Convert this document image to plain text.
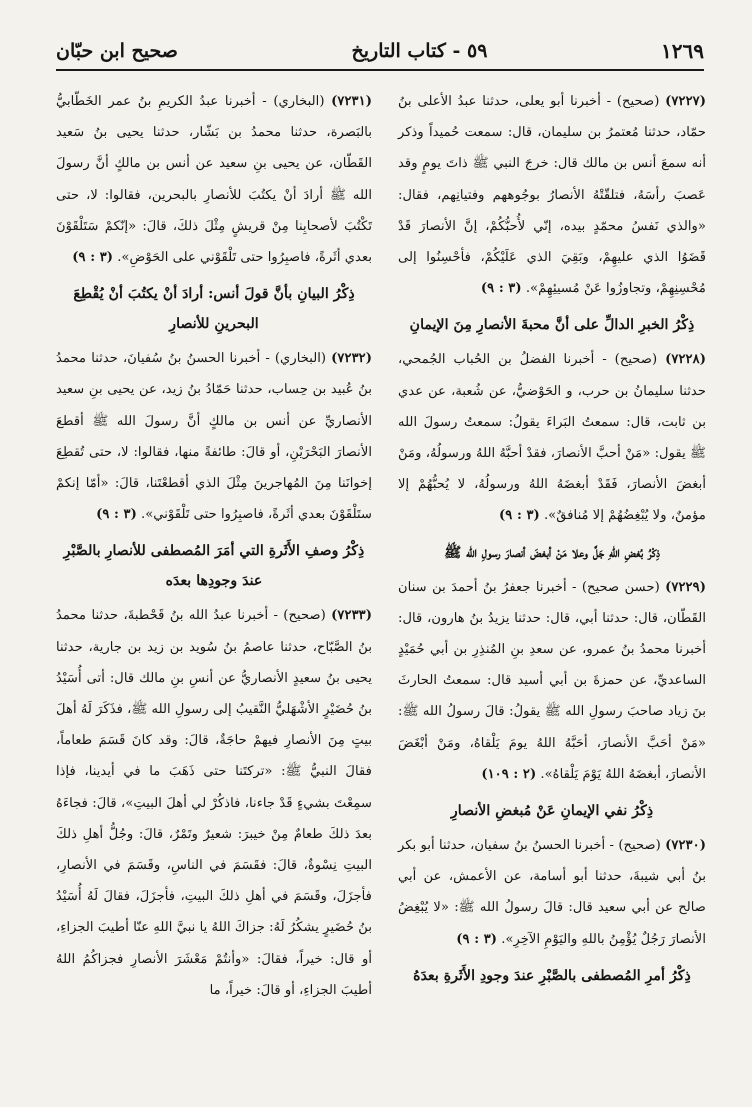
صحيح ابن حبّان	٥٩ - كتاب التاريخ	١٢٦٩

(٧٢٢٧) (صحيح) - أخبرنا أبو يعلى، حدثنا عبدُ الأعلى بنُ حمّاد، حدثنا مُعتمرُ بن سليمان، قال: سمعت حُميداً وذكر أنه سمعَ أنس بن مالك قال: خرجَ النبي ﷺ ذاتَ يومٍ وقد عَصبَ رأسَهُ، فتلقّتْهُ الأنصارُ بوجُوههم وفتيانِهم، فقال: «والذي نَفسُ محمّدٍ بيده، إنّي لأُحبُّكُمْ، إنَّ الأنصارَ قَدْ قَضَوُا الذي عليهِمْ، وبَقِيَ الذي عَلَيْكُمْ، فأحْسِنُوا إلى مُحْسِنِهِمْ، وتجاوزُوا عَنْ مُسيئِهِمْ». (٣ : ٩)

ذِكْرُ الخبرِ الدالِّ على أنَّ محبةَ الأنصارِ مِنَ الإيمانِ

(٧٢٢٨) (صحيح) - أخبرنا الفضلُ بن الحُباب الجُمحي، حدثنا سليمانُ بن حرب، و الحَوْضيُّ، عن شُعبة، عن عدي بن ثابت، قال: سمعتُ البَراءَ يقولُ: سمعتُ رسولَ الله ﷺ يقول: «مَنْ أحبَّ الأنصارَ، فقدْ أحبَّهُ اللهُ ورسولُهُ، ومَنْ أبغضَ الأنصارَ، فَقَدْ أبغضَهُ اللهُ ورسولُهُ، لا يُحبُّهُمْ إلا مؤمنٌ، ولا يُبْغِضُهُمْ إلا مُنافقٌ». (٣ : ٩)

ذِكْرُ بُغضِ اللهِ جَلَّ وعلا مَنْ أبغضَ أنصارَ رسولِ الله ﷺ

(٧٢٢٩) (حسن صحيح) - أخبرنا جعفرُ بنُ أحمدَ بن سنان القَطّان، قال: حدثنا أبي، قال: حدثنا يزيدُ بنُ هارون، قال: أخبرنا محمدُ بنُ عمرو، عن سعدِ بنِ المُنذِرِ بن أبي حُمَيْدٍ الساعديِّ، عن حمزةَ بن أبي أسيد قال: سمعتُ الحارثَ بنَ زياد صاحبَ رسولِ الله ﷺ يقولُ: قالَ رسولُ الله ﷺ: «مَنْ أحَبَّ الأنصارَ، أحَبَّهُ اللهُ يومَ يَلْقاهُ، ومَنْ أبْغَضَ الأنصارَ، أبغضَهُ اللهُ يَوْمَ يَلْقاهُ». (٢ : ١٠٩)

ذِكْرُ نفي الإيمانِ عَنْ مُبغضِ الأنصارِ

(٧٢٣٠) (صحيح) - أخبرنا الحسنُ بنُ سفيان، حدثنا أبو بكر بنُ أبي شيبةَ، حدثنا أبو أسامة، عن الأعمش، عن أبي صالح عن أبي سعيد قال: قالَ رسولُ الله ﷺ: «لا يُبْغِضُ الأنصارَ رَجُلٌ يُؤْمِنُ باللهِ واليَوْمِ الآخِرِ». (٣ : ٩)

ذِكْرُ أمرِ المُصطفى بالصَّبْرِ عندَ وجودِ الأَثَرةِ بعدَهُ

(٧٢٣١) (البخاري) - أخبرنا عبدُ الكريمِ بنُ عمر الخَطّابيُّ بالبَصرة، حدثنا محمدُ بن بَشّار، حدثنا يحيى بنُ سَعيد القَطّان، عن يحيى بنِ سعيد عن أنس بن مالكٍ أنَّ رسولَ الله ﷺ أرادَ أنْ يكتُبَ للأنصارِ بالبحرين، فقالوا: لا، حتى تَكْتُبَ لأصحابِنا مِنْ قريشٍ مِثْلَ ذلكَ، قالَ: «إنّكمْ سَتَلْقَوْنَ بعدي أثَرةً، فاصبِرُوا حتى تَلْقَوْني على الحَوْضِ». (٣ : ٩)

ذِكْرُ البيانِ بأنَّ قولَ أنس: أرادَ أنْ يكتُبَ أنْ يُقْطِعَ البحرينِ للأنصارِ

(٧٢٣٢) (البخاري) - أخبرنا الحسنُ بنُ سُفيانَ، حدثنا محمدُ بنُ عُبيد بن حِساب، حدثنا حَمّادُ بنُ زيد، عن يحيى بنِ سعيد الأنصاريِّ عن أنس بن مالكٍ أنَّ رسولَ الله ﷺ أقطعَ الأنصارَ البَحْرَيْنِ، أو قالَ: طائفةً منها، فقالوا: لا، حتى تُقطِعَ إخوانَنا مِنَ المُهاجرينَ مِثْلَ الذي أقطعْتَنا، قالَ: «أمّا إنكمْ ستَلْقَوْنَ بعدي أثَرةً، فاصبِرُوا حتى تَلْقَوْني». (٣ : ٩)

ذِكْرُ وصفِ الأَثَرةِ التي أمَرَ المُصطفى للأنصارِ بالصَّبْرِ عندَ وجودِها بعدَه

(٧٢٣٣) (صحيح) - أخبرنا عبدُ الله بنُ قَحْطبةَ، حدثنا محمدُ بنُ الصَّبّاح، حدثنا عاصمُ بنُ سُويد بن زيد بن جارية، حدثنا يحيى بنُ سعيدٍ الأنصاريُّ عن أنسِ بنِ مالك قال: أتى أُسَيْدُ بنُ حُضَيْرٍ الأشْهَليُّ النَّقيبُ إلى رسولِ الله ﷺ، فذَكَرَ لَهُ أهلَ بيتٍ مِنَ الأنصارِ فيهمْ حاجَةٌ، قالَ: وقد كانَ قَسَمَ طعاماً، فقالَ النبيُّ ﷺ: «تركتَنا حتى ذَهَبَ ما في أيدينا، فإذا سمِعْتَ بشيءٍ قَدْ جاءنا، فاذكُرْ لي أهلَ البيتِ»، قالَ: فجاءَهُ بعدَ ذلكَ طعامٌ مِنْ خيبرَ: شعيرٌ وتَمْرٌ، قالَ: وجُلُّ أهلِ ذلكَ البيتِ نِسْوةٌ، قالَ: فقَسَمَ في الناسِ، وقَسَمَ في الأنصارِ، فأجزَلَ، وقَسَمَ في أهلِ ذلكَ البيتِ، فأجزَلَ، فقالَ لَهُ أُسَيْدُ بنُ حُضَيرٍ يشكُرُ لَهُ: جزاكَ اللهُ يا نبيَّ اللهِ عنّا أطيبَ الجزاءِ، أو قال: خيراً، فقالَ: «وأنتُمْ مَعْشَرَ الأنصارِ فجزاكُمُ اللهُ أطيبَ الجزاءِ، أو قالَ: خيراً، ما
